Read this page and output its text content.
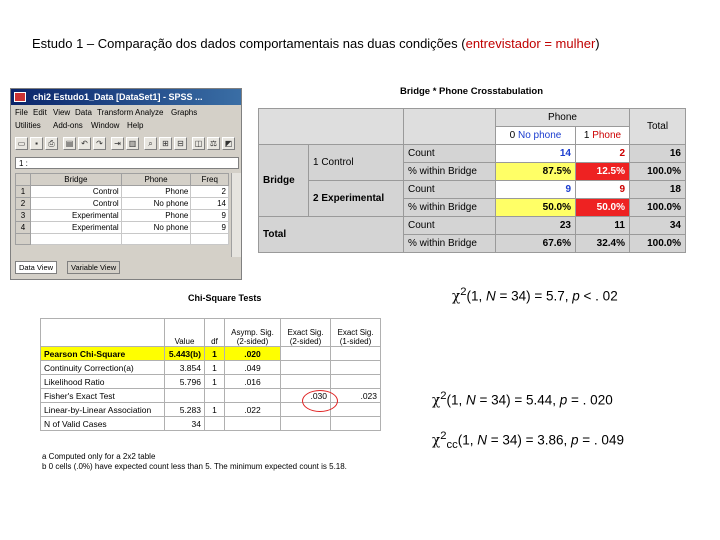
Estudo 1 – Comparação dos dados comportamentais nas duas condições (entrevistador = mulher)
chi2 Estudo1_Data [DataSet1] - SPSS ...
File Edit View Data Transform Analyze Graphs
Utilities Add-ons Window Help
▭	▪	⎙	▤ ↶	↷	⇥ ▥	⌕	⊞	⊟	◫ ⚖ ◩
1 :
	Bridge	Phone	Freq
1	Control	Phone	2
2	Control	No phone	14
3	Experimental	Phone	9
4	Experimental	No phone	9

Data View	Variable View
Bridge * Phone Crosstabulation
			Phone		Total
			0 No phone	1 Phone	
Bridge	1 Control	Count	14	2	16
		% within Bridge	87.5%	12.5%	100.0%
	2 Experimental	Count	9	9	18
		% within Bridge	50.0%	50.0%	100.0%
Total		Count	23	11	34
		% within Bridge	67.6%	32.4%	100.0%
Chi-Square Tests
	Value	df	Asymp. Sig. (2-sided)	Exact Sig. (2-sided)	Exact Sig. (1-sided)
Pearson Chi-Square	5.443(b)	1	.020		
Continuity Correction(a)	3.854	1	.049		
Likelihood Ratio	5.796	1	.016		
Fisher's Exact Test				.030	.023
Linear-by-Linear Association	5.283	1	.022		
N of Valid Cases	34				
a Computed only for a 2x2 table
b 0 cells (.0%) have expected count less than 5. The minimum expected count is 5.18.
$\chi^2(1$, N = 34) = 5.7, p < . 02
$\chi^2(1$, N = 34) = 5.44, p = . 020
$\chi^2_{cc}(1$, N = 34) = 3.86, p = . 049
